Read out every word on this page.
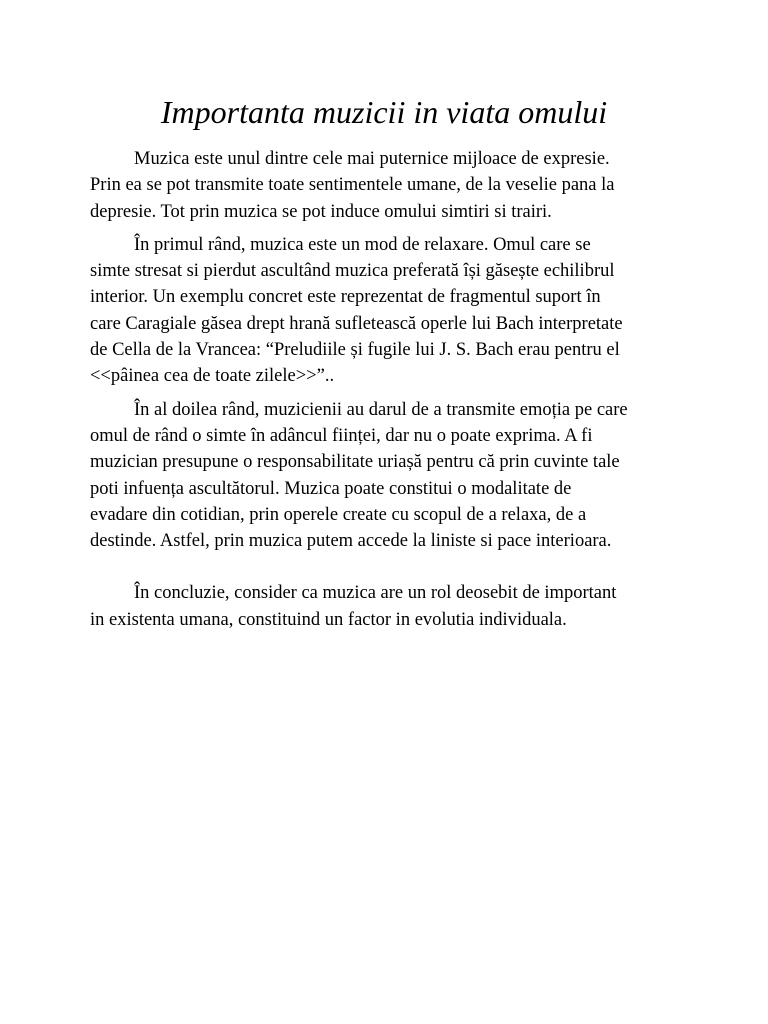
Importanta muzicii in viata omului

Muzica este unul dintre cele mai puternice mijloace de expresie.
Prin ea se pot transmite toate sentimentele umane, de la veselie pana la
depresie. Tot prin muzica se pot induce omului simtiri si trairi.

În primul rând, muzica este un mod de relaxare. Omul care se
simte stresat si pierdut ascultând muzica preferată își găsește echilibrul
interior. Un exemplu concret este reprezentat de fragmentul suport în
care Caragiale găsea drept hrană sufletească operle lui Bach interpretate
de Cella de la Vrancea: “Preludiile și fugile lui J. S. Bach erau pentru el
<<pâinea cea de toate zilele>>”..

În al doilea rând, muzicienii au darul de a transmite emoția pe care
omul de rând o simte în adâncul ființei, dar nu o poate exprima. A fi
muzician presupune o responsabilitate uriașă pentru că prin cuvinte tale
poti infuența ascultătorul. Muzica poate constitui o modalitate de
evadare din cotidian, prin operele create cu scopul de a relaxa, de a
destinde. Astfel, prin muzica putem accede la liniste si pace interioara.

În concluzie, consider ca muzica are un rol deosebit de important
in existenta umana, constituind un factor in evolutia individuala.
